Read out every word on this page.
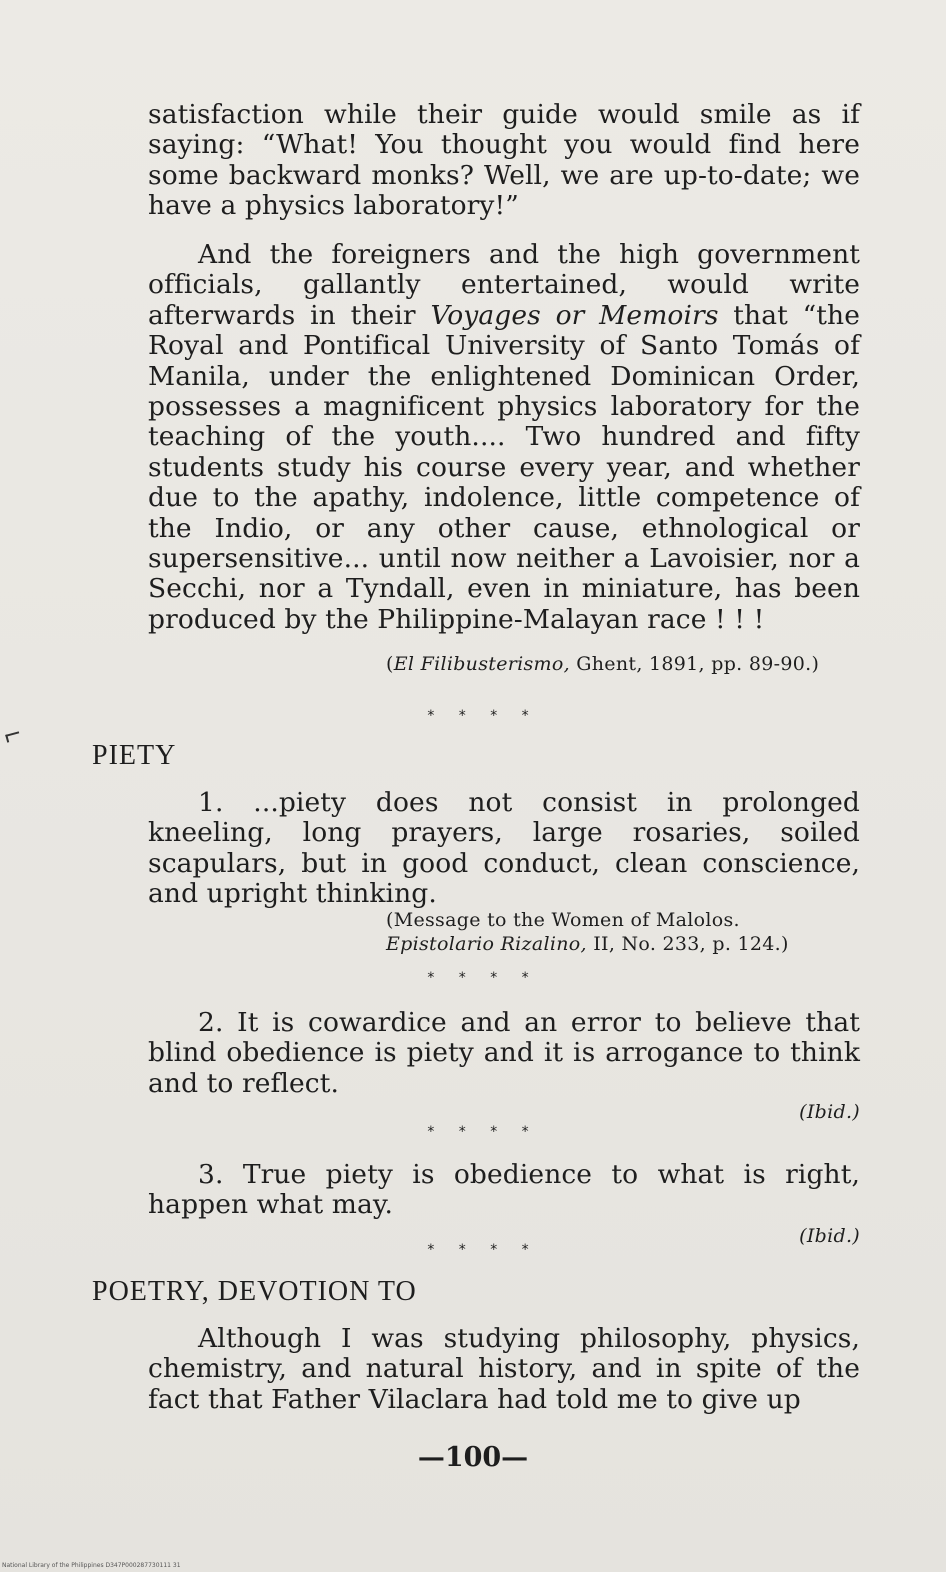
satisfaction while their guide would smile as if saying: “What! You thought you would find here some backward monks? Well, we are up-to-date; we have a physics laboratory!”

And the foreigners and the high government officials, gallantly entertained, would write afterwards in their Voyages or Memoirs that “the Royal and Pontifical University of Santo Tomás of Manila, under the enlightened Dominican Order, possesses a magnificent physics laboratory for the teaching of the youth.... Two hundred and fifty students study his course every year, and whether due to the apathy, indolence, little competence of the Indio, or any other cause, ethnological or supersensitive... until now neither a Lavoisier, nor a Secchi, nor a Tyndall, even in miniature, has been produced by the Philippine-Malayan race ! ! !

(El Filibusterismo, Ghent, 1891, pp. 89-90.)

* * * *
PIETY

1. ...piety does not consist in prolonged kneeling, long prayers, large rosaries, soiled scapulars, but in good conduct, clean conscience, and upright thinking.

(Message to the Women of Malolos.
Epistolario Rizalino, II, No. 233, p. 124.)

* * * *

2. It is cowardice and an error to believe that blind obedience is piety and it is arrogance to think and to reflect.

(Ibid.)

* * * *

3. True piety is obedience to what is right, happen what may.

(Ibid.)

* * * *
POETRY, DEVOTION TO

Although I was studying philosophy, physics, chemistry, and natural history, and in spite of the fact that Father Vilaclara had told me to give up

—100—
National Library of the Philippines D347P000287730111 31
